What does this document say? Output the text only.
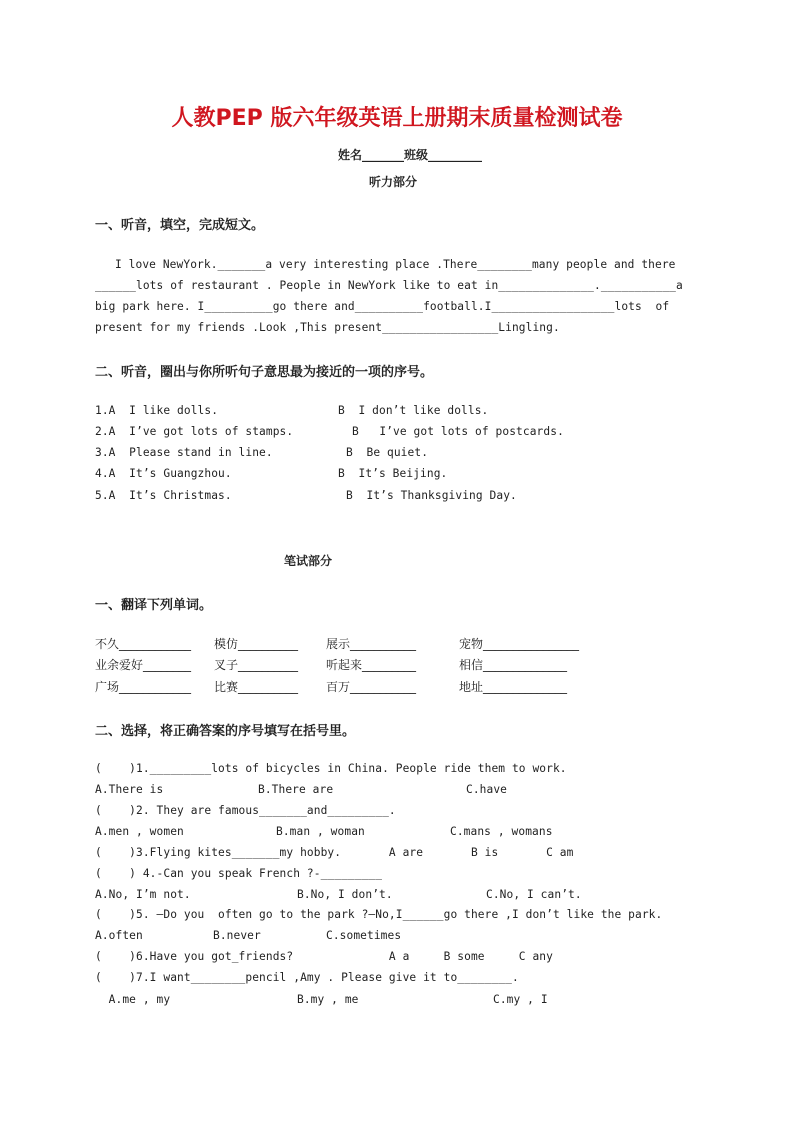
人教PEP 版六年级英语上册期末质量检测试卷
姓名_______班级_________
听力部分
一、听音，填空，完成短文。
I love NewYork._______a very interesting place .There________many people and there
______lots of restaurant . People in NewYork like to eat in______________.___________a
big park here. I__________go there and__________football.I__________________lots  of
present for my friends .Look ,This present_________________Lingling.
二、听音，圈出与你所听句子意思最为接近的一项的序号。
1.A  I like dolls.	B  I don’t like dolls.
2.A  I’ve got lots of stamps.	B   I’ve got lots of postcards.
3.A  Please stand in line.	B  Be quiet.
4.A  It’s Guangzhou.	B  It’s Beijing.
5.A  It’s Christmas.	B  It’s Thanksgiving Day.
笔试部分
一、翻译下列单词。
不久____________ 模仿__________ 展示___________	宠物________________
业余爱好________ 叉子__________ 听起来_________	相信______________
广场____________ 比赛__________ 百万___________	地址______________
二、选择，将正确答案的序号填写在括号里。
(    )1._________lots of bicycles in China. People ride them to work.
A.There is	B.There are	C.have
(    )2. They are famous_______and_________.
A.men , women	B.man , woman	C.mans , womans
(    )3.Flying kites_______my hobby.       A are       B is       C am
(    ) 4.-Can you speak French ?-_________
A.No, I’m not.	B.No, I don’t.	C.No, I can’t.
(    )5. —Do you  often go to the park ?—No,I______go there ,I don’t like the park.
A.often	B.never	C.sometimes
(    )6.Have you got_friends?              A a     B some     C any
(    )7.I want________pencil ,Amy . Please give it to________.
A.me , my	B.my , me	C.my , I
